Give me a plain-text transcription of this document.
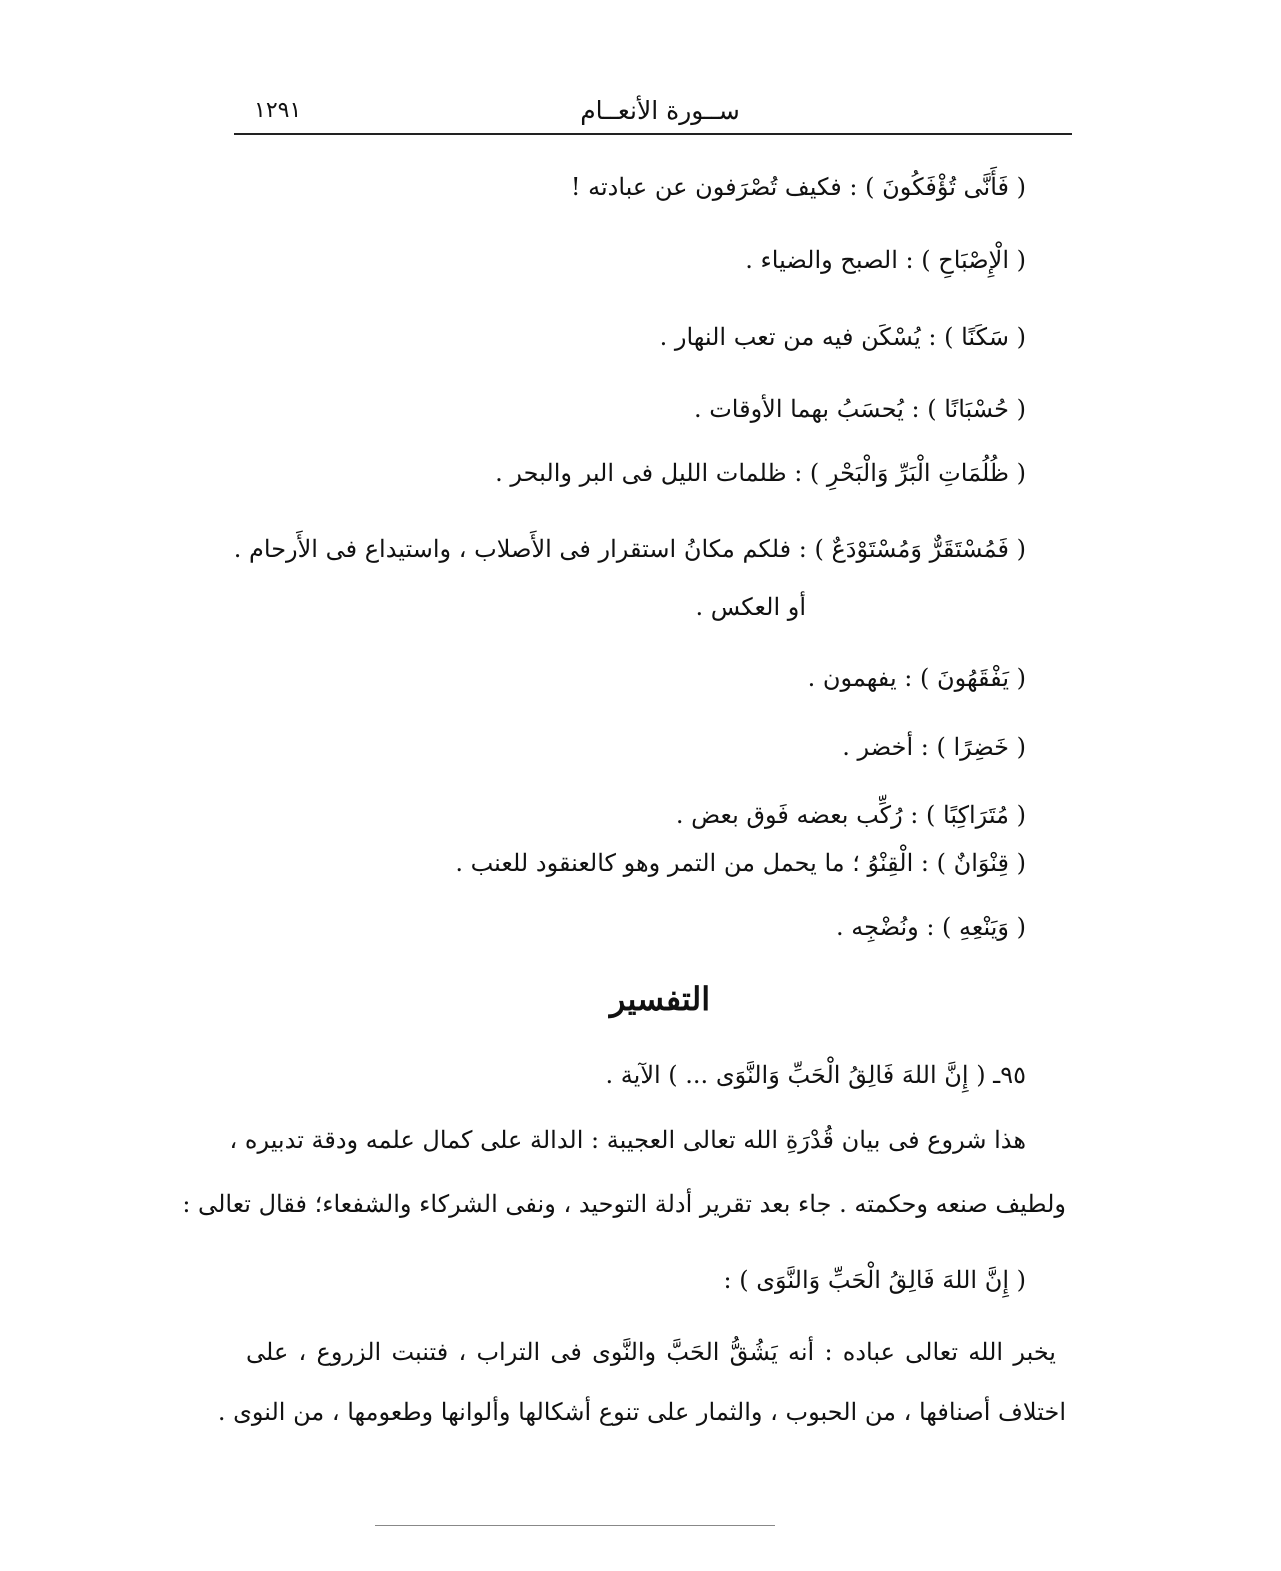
ســورة الأنعــام
١٢٩١
( فَأَنَّى تُؤْفَكُونَ ) : فكيف تُصْرَفون عن عبادته !
( الْإِصْبَاحِ ) : الصبح والضياء .
( سَكَنًا ) : يُسْكَن فيه من تعب النهار .
( حُسْبَانًا ) : يُحسَبُ بهما الأوقات .
( ظُلُمَاتِ الْبَرِّ وَالْبَحْرِ ) : ظلمات الليل فى البر والبحر .
( فَمُسْتَقَرٌّ وَمُسْتَوْدَعٌ ) : فلكم مكانُ استقرار فى الأَصلاب ، واستيداع فى الأَرحام .
أو العكس .
( يَفْقَهُونَ ) : يفهمون .
( خَضِرًا ) : أخضر .
( مُتَرَاكِبًا ) : رُكِّب بعضه فَوق بعض .
( قِنْوَانٌ ) : الْقِنْوُ ؛ ما يحمل من التمر وهو كالعنقود للعنب .
( وَيَنْعِهِ ) : ونُضْجِه .
التفسير
٩٥ـ ( إِنَّ اللهَ فَالِقُ الْحَبِّ وَالنَّوَى ... ) الآية .
هذا شروع فى بيان قُدْرَةِ الله تعالى العجيبة : الدالة على كمال علمه ودقة تدبيره ،
ولطيف صنعه وحكمته . جاء بعد تقرير أدلة التوحيد ، ونفى الشركاء والشفعاء؛ فقال تعالى :
( إِنَّ اللهَ فَالِقُ الْحَبِّ وَالنَّوَى ) :
يخبر الله تعالى عباده : أنه يَشُقُّ الحَبَّ والنَّوى فى التراب ، فتنبت الزروع ، على
اختلاف أصنافها ، من الحبوب ، والثمار على تنوع أشكالها وألوانها وطعومها ، من النوى .
